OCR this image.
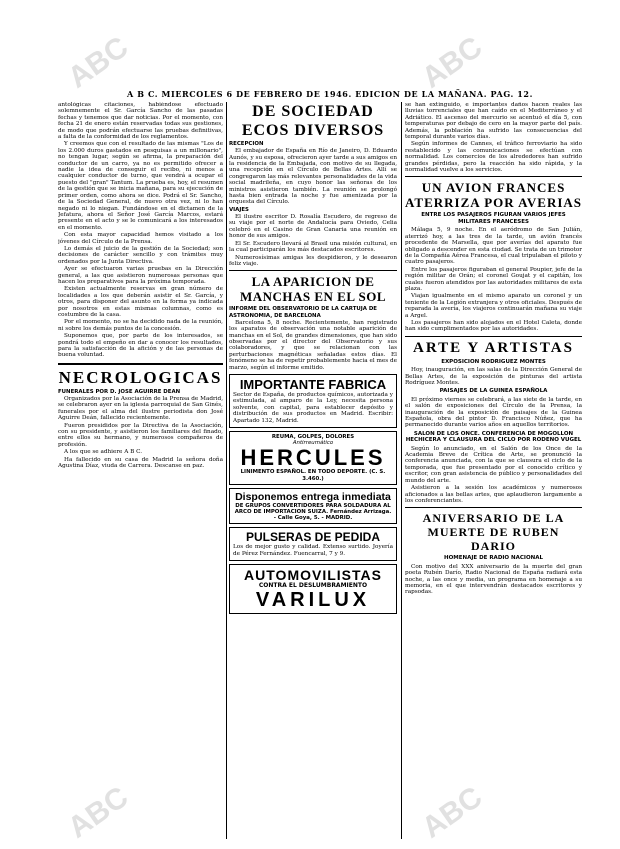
ABC	ABC
ABC	ABC
A B C. MIERCOLES 6 DE FEBRERO DE 1946. EDICION DE LA MAÑANA. PAG. 12.

antológicas citaciones, habiéndose efectuado solemnemente el Sr. García Sancho de las pasadas fechas y tenemos que dar noticias. Por el momento, con fecha 21 de enero están reservadas todas sus gestiones, de modo que podrán efectuarse las pruebas definitivas, a falta de la conformidad de los reglamentos.

Y creemos que con el resultado de las mismas "Los de los 2.000 duros gastados en pesquisas a un millonario", no tengan lugar, según se afirma, la preparación del conductor de un carro, ya no es permitido ofrecer a nadie la idea de conseguir el recibo, ni menos a cualquier conductor de turno, que vendrá a ocupar el puesto del "gran" Tantum. La prueba es, hoy, el resumen de la gestión que se inicia mañana, para su ejecución de primer orden, como ahora se dice. Podrá el Sr. Sancho, de la Sociedad General, de nuevo otra vez, ni lo han negado ni lo niegan. Fundándose en el dictamen de la Jefatura, ahora el Señor José García Marcos, estará presente en el acto y se le comunicará a los interesados en el momento.

Con esta mayor capacidad hemos visitado a los jóvenes del Círculo de la Prensa.

Lo demás el juicio de la gestión de la Sociedad; son decisiones de carácter sencillo y con trámites muy ordenados por la Junta Directiva.

Ayer se efectuaron varias pruebas en la Dirección general, a las que asistieron numerosas personas que hacen los preparativos para la próxima temporada.

Existen actualmente reservas en gran número de localidades a los que deberán asistir el Sr. García, y otros, para disponer del asunto en la forma ya indicada por nosotros en estas mismas columnas, como es costumbre de la casa.

Por el momento, no se ha decidido nada de la reunión, ni sobre los demás puntos de la concesión.

Suponemos que, por parte de los interesados, se pondrá todo el empeño en dar a conocer los resultados, para la satisfacción de la afición y de las personas de buena voluntad.

NECROLOGICAS
FUNERALES POR D. JOSE AGUIRRE DEAN

Organizados por la Asociación de la Prensa de Madrid, se celebraron ayer en la iglesia parroquial de San Ginés, funerales por el alma del ilustre periodista don José Aguirre Deán, fallecido recientemente.

Fueron presididos por la Directiva de la Asociación, con su presidente, y asistieron los familiares del finado, entre ellos su hermano, y numerosos compañeros de profesión.

A los que se adhiere A B C.

Ha fallecido en su casa de Madrid la señora doña Agustina Díaz, viuda de Carrera. Descanse en paz.

DE SOCIEDAD
ECOS DIVERSOS
RECEPCION

El embajador de España en Río de Janeiro, D. Eduardo Aunós, y su esposa, ofrecieron ayer tarde a sus amigos en la residencia de la Embajada, con motivo de su llegada, una recepción en el Círculo de Bellas Artes. Allí se congregaron las más relevantes personalidades de la vida social madrileña, en cuyo honor las señoras de los ministros asistieron también. La reunión se prolongó hasta bien entrada la noche y fue amenizada por la orquesta del Círculo.

VIAJES

El ilustre escritor D. Rosalía Escudero, de regreso de su viaje por el norte de Andalucía para Oviedo, Celia celebró en el Casino de Gran Canaria una reunión en honor de sus amigos.

El Sr. Escudero llevará al Brasil una misión cultural, en la cual participarán los más destacados escritores.

Numerosísimas amigas les despidieron, y le desearon feliz viaje.

LA APARICION DE MANCHAS EN EL SOL
INFORME DEL OBSERVATORIO DE LA CARTUJA DE ASTRONOMIA, DE BARCELONA

Barcelona 5, 8 noche. Recientemente, han registrado los aparatos de observación una notable aparición de manchas en el Sol, de grandes dimensiones, que han sido observadas por el director del Observatorio y sus colaboradores, y que se relacionan con las perturbaciones magnéticas señaladas estos días. El fenómeno se ha de repetir probablemente hacia el mes de marzo, según el informe emitido.

IMPORTANTE FABRICA
Sector de España, de productos químicos, autorizada y estimulada, al amparo de la Ley, necesita persona solvente, con capital, para establecer depósito y distribución de sus productos en Madrid. Escribir: Apartado 132, Madrid.
REUMA, GOLPES, DOLORES
Antirreumático
HERCULES
LINIMENTO ESPAÑOL. EN TODO DEPORTE. (C. S. 3.460.)
Disponemos entrega inmediata
DE GRUPOS CONVERTIDORES PARA SOLDADURA AL ARCO DE IMPORTACION SUIZA. Fernández Arrizaga. - Calle Goya, 5. - MADRID.
PULSERAS DE PEDIDA
Los de mejor gusto y calidad. Extenso surtido. Joyería de Pérez Fernández. Fuencarral, 7 y 9.
AUTOMOVILISTAS
CONTRA EL DESLUMBRAMIENTO
VARILUX

se han extinguido, e importantes daños hacen reales las lluvias torrenciales que han caído en el Mediterráneo y el Adriático. El ascenso del mercurio se acentuó el día 5, con temperaturas por debajo de cero en la mayor parte del país. Además, la población ha sufrido las consecuencias del temporal durante varios días.

Según informes de Cannes, el tráfico ferroviario ha sido restablecido y las comunicaciones se efectúan con normalidad. Los comercios de los alrededores han sufrido grandes pérdidas, pero la reacción ha sido rápida, y la normalidad vuelve a los servicios.

UN AVION FRANCES ATERRIZA POR AVERIAS
ENTRE LOS PASAJEROS FIGURAN VARIOS JEFES MILITARES FRANCESES

Málaga 5, 9 noche. En el aeródromo de San Julián, aterrizó hoy, a las tres de la tarde, un avión francés procedente de Marsella, que por averías del aparato fue obligado a descender en esta ciudad. Se trata de un trimotor de la Compañía Aérea Francesa, el cual tripulaban el piloto y cuatro pasajeros.

Entre los pasajeros figuraban el general Poupier, jefe de la región militar de Orán; el coronel Goujat y el capitán, los cuales fueron atendidos por las autoridades militares de esta plaza.

Viajan igualmente en el mismo aparato un coronel y un teniente de la Legión extranjera y otros oficiales. Después de reparada la avería, los viajeros continuarán mañana su viaje a Argel.

Los pasajeros han sido alojados en el Hotel Caleta, donde han sido cumplimentados por las autoridades.

ARTE Y ARTISTAS
EXPOSICION RODRIGUEZ MONTES

Hoy, inauguración, en las salas de la Dirección General de Bellas Artes, de la exposición de pinturas del artista Rodríguez Montes.

PAISAJES DE LA GUINEA ESPAÑOLA

El próximo viernes se celebrará, a las siete de la tarde, en el salón de exposiciones del Círculo de la Prensa, la inauguración de la exposición de paisajes de la Guinea Española, obra del pintor D. Francisco Núñez, que ha permanecido durante varios años en aquellos territorios.

SALON DE LOS ONCE. CONFERENCIA DE MOGOLLON HECHICERA Y CLAUSURA DEL CICLO POR RODENO VUGEL

Según lo anunciado, en el Salón de los Once de la Academia Breve de Crítica de Arte, se pronunció la conferencia anunciada, con la que se clausura el ciclo de la temporada, que fue presentado por el conocido crítico y escritor, con gran asistencia de público y personalidades del mundo del arte.

Asistieron a la sesión los académicos y numerosos aficionados a las bellas artes, que aplaudieron largamente a los conferenciantes.

ANIVERSARIO DE LA MUERTE DE RUBEN DARIO
HOMENAJE DE RADIO NACIONAL

Con motivo del XXX aniversario de la muerte del gran poeta Rubén Darío, Radio Nacional de España radiará esta noche, a las once y media, un programa en homenaje a su memoria, en el que intervendrán destacados escritores y rapsodas.
